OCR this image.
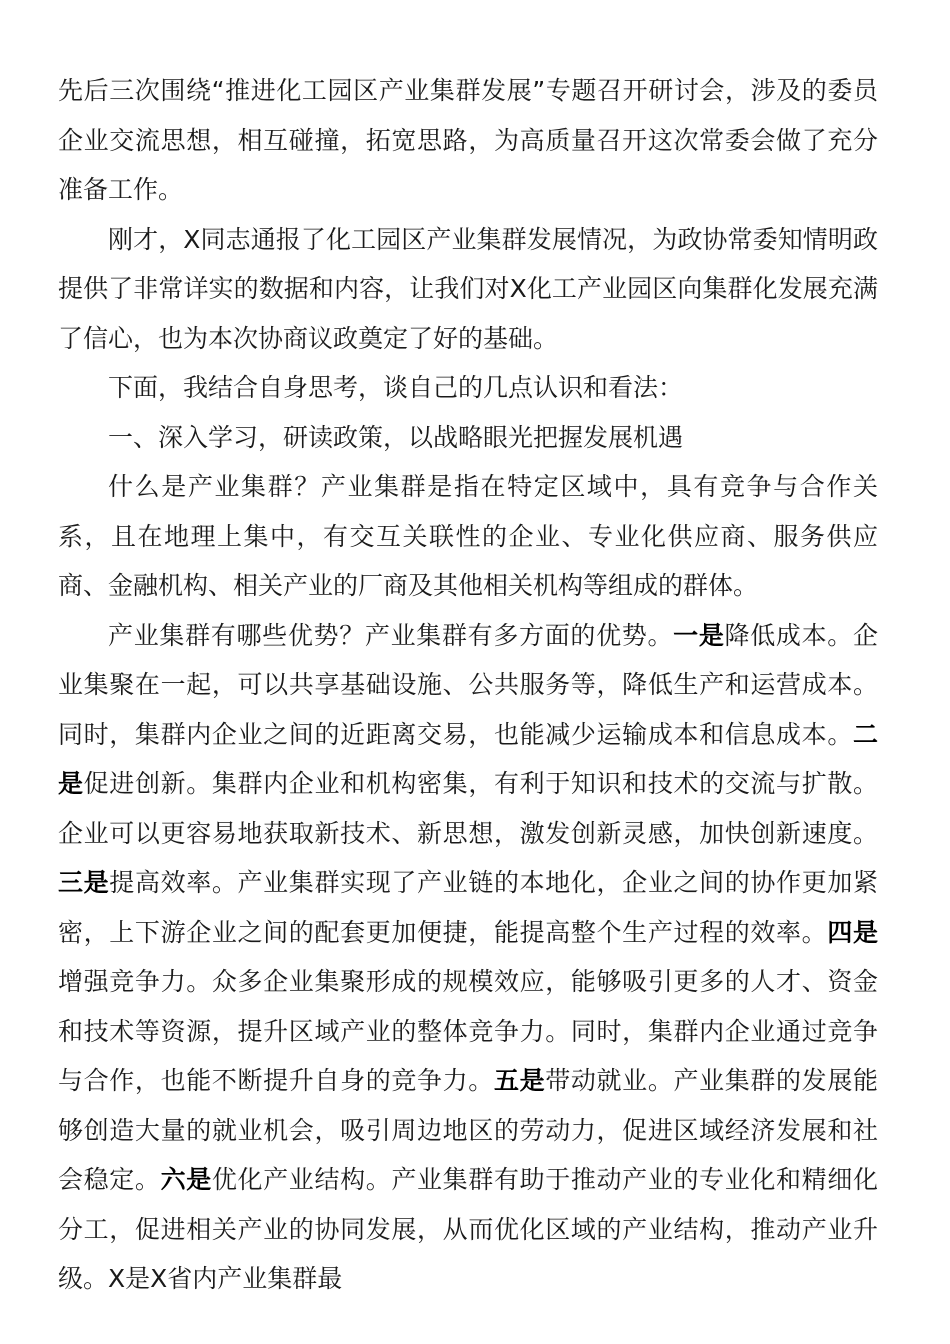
先后三次围绕“推进化工园区产业集群发展”专题召开研讨会，涉及的委员企业交流思想，相互碰撞，拓宽思路，为高质量召开这次常委会做了充分准备工作。

刚才，X同志通报了化工园区产业集群发展情况，为政协常委知情明政提供了非常详实的数据和内容，让我们对X化工产业园区向集群化发展充满了信心，也为本次协商议政奠定了好的基础。

下面，我结合自身思考，谈自己的几点认识和看法：

一、深入学习，研读政策，以战略眼光把握发展机遇

什么是产业集群？产业集群是指在特定区域中，具有竞争与合作关系，且在地理上集中，有交互关联性的企业、专业化供应商、服务供应商、金融机构、相关产业的厂商及其他相关机构等组成的群体。

产业集群有哪些优势？产业集群有多方面的优势。一是降低成本。企业集聚在一起，可以共享基础设施、公共服务等，降低生产和运营成本。同时，集群内企业之间的近距离交易，也能减少运输成本和信息成本。二是促进创新。集群内企业和机构密集，有利于知识和技术的交流与扩散。企业可以更容易地获取新技术、新思想，激发创新灵感，加快创新速度。三是提高效率。产业集群实现了产业链的本地化，企业之间的协作更加紧密，上下游企业之间的配套更加便捷，能提高整个生产过程的效率。四是增强竞争力。众多企业集聚形成的规模效应，能够吸引更多的人才、资金和技术等资源，提升区域产业的整体竞争力。同时，集群内企业通过竞争与合作，也能不断提升自身的竞争力。五是带动就业。产业集群的发展能够创造大量的就业机会，吸引周边地区的劳动力，促进区域经济发展和社会稳定。六是优化产业结构。产业集群有助于推动产业的专业化和精细化分工，促进相关产业的协同发展，从而优化区域的产业结构，推动产业升级。X是X省内产业集群最
